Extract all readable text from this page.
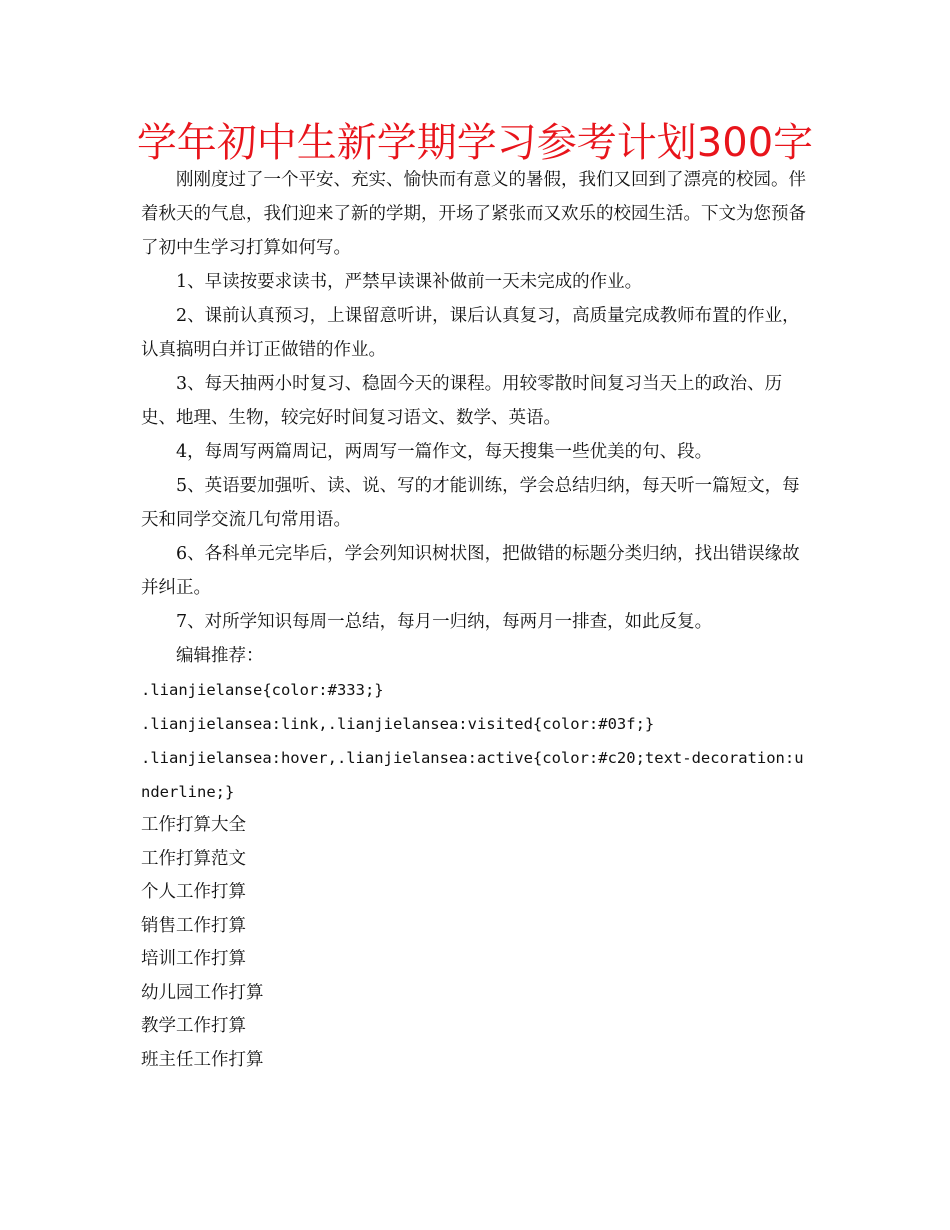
学年初中生新学期学习参考计划300字

刚刚度过了一个平安、充实、愉快而有意义的暑假，我们又回到了漂亮的校园。伴着秋天的气息，我们迎来了新的学期，开场了紧张而又欢乐的校园生活。下文为您预备了初中生学习打算如何写。

1、早读按要求读书，严禁早读课补做前一天未完成的作业。

2、课前认真预习，上课留意听讲，课后认真复习，高质量完成教师布置的作业，认真搞明白并订正做错的作业。

3、每天抽两小时复习、稳固今天的课程。用较零散时间复习当天上的政治、历史、地理、生物，较完好时间复习语文、数学、英语。

4，每周写两篇周记，两周写一篇作文，每天搜集一些优美的句、段。

5、英语要加强听、读、说、写的才能训练，学会总结归纳，每天听一篇短文，每天和同学交流几句常用语。

6、各科单元完毕后，学会列知识树状图，把做错的标题分类归纳，找出错误缘故并纠正。

7、对所学知识每周一总结，每月一归纳，每两月一排查，如此反复。

编辑推荐：

.lianjielanse{color:#333;}

.lianjielansea:link,.lianjielansea:visited{color:#03f;}

.lianjielansea:hover,.lianjielansea:active{color:#c20;text-decoration:underline;}

工作打算大全

工作打算范文

个人工作打算

销售工作打算

培训工作打算

幼儿园工作打算

教学工作打算

班主任工作打算
